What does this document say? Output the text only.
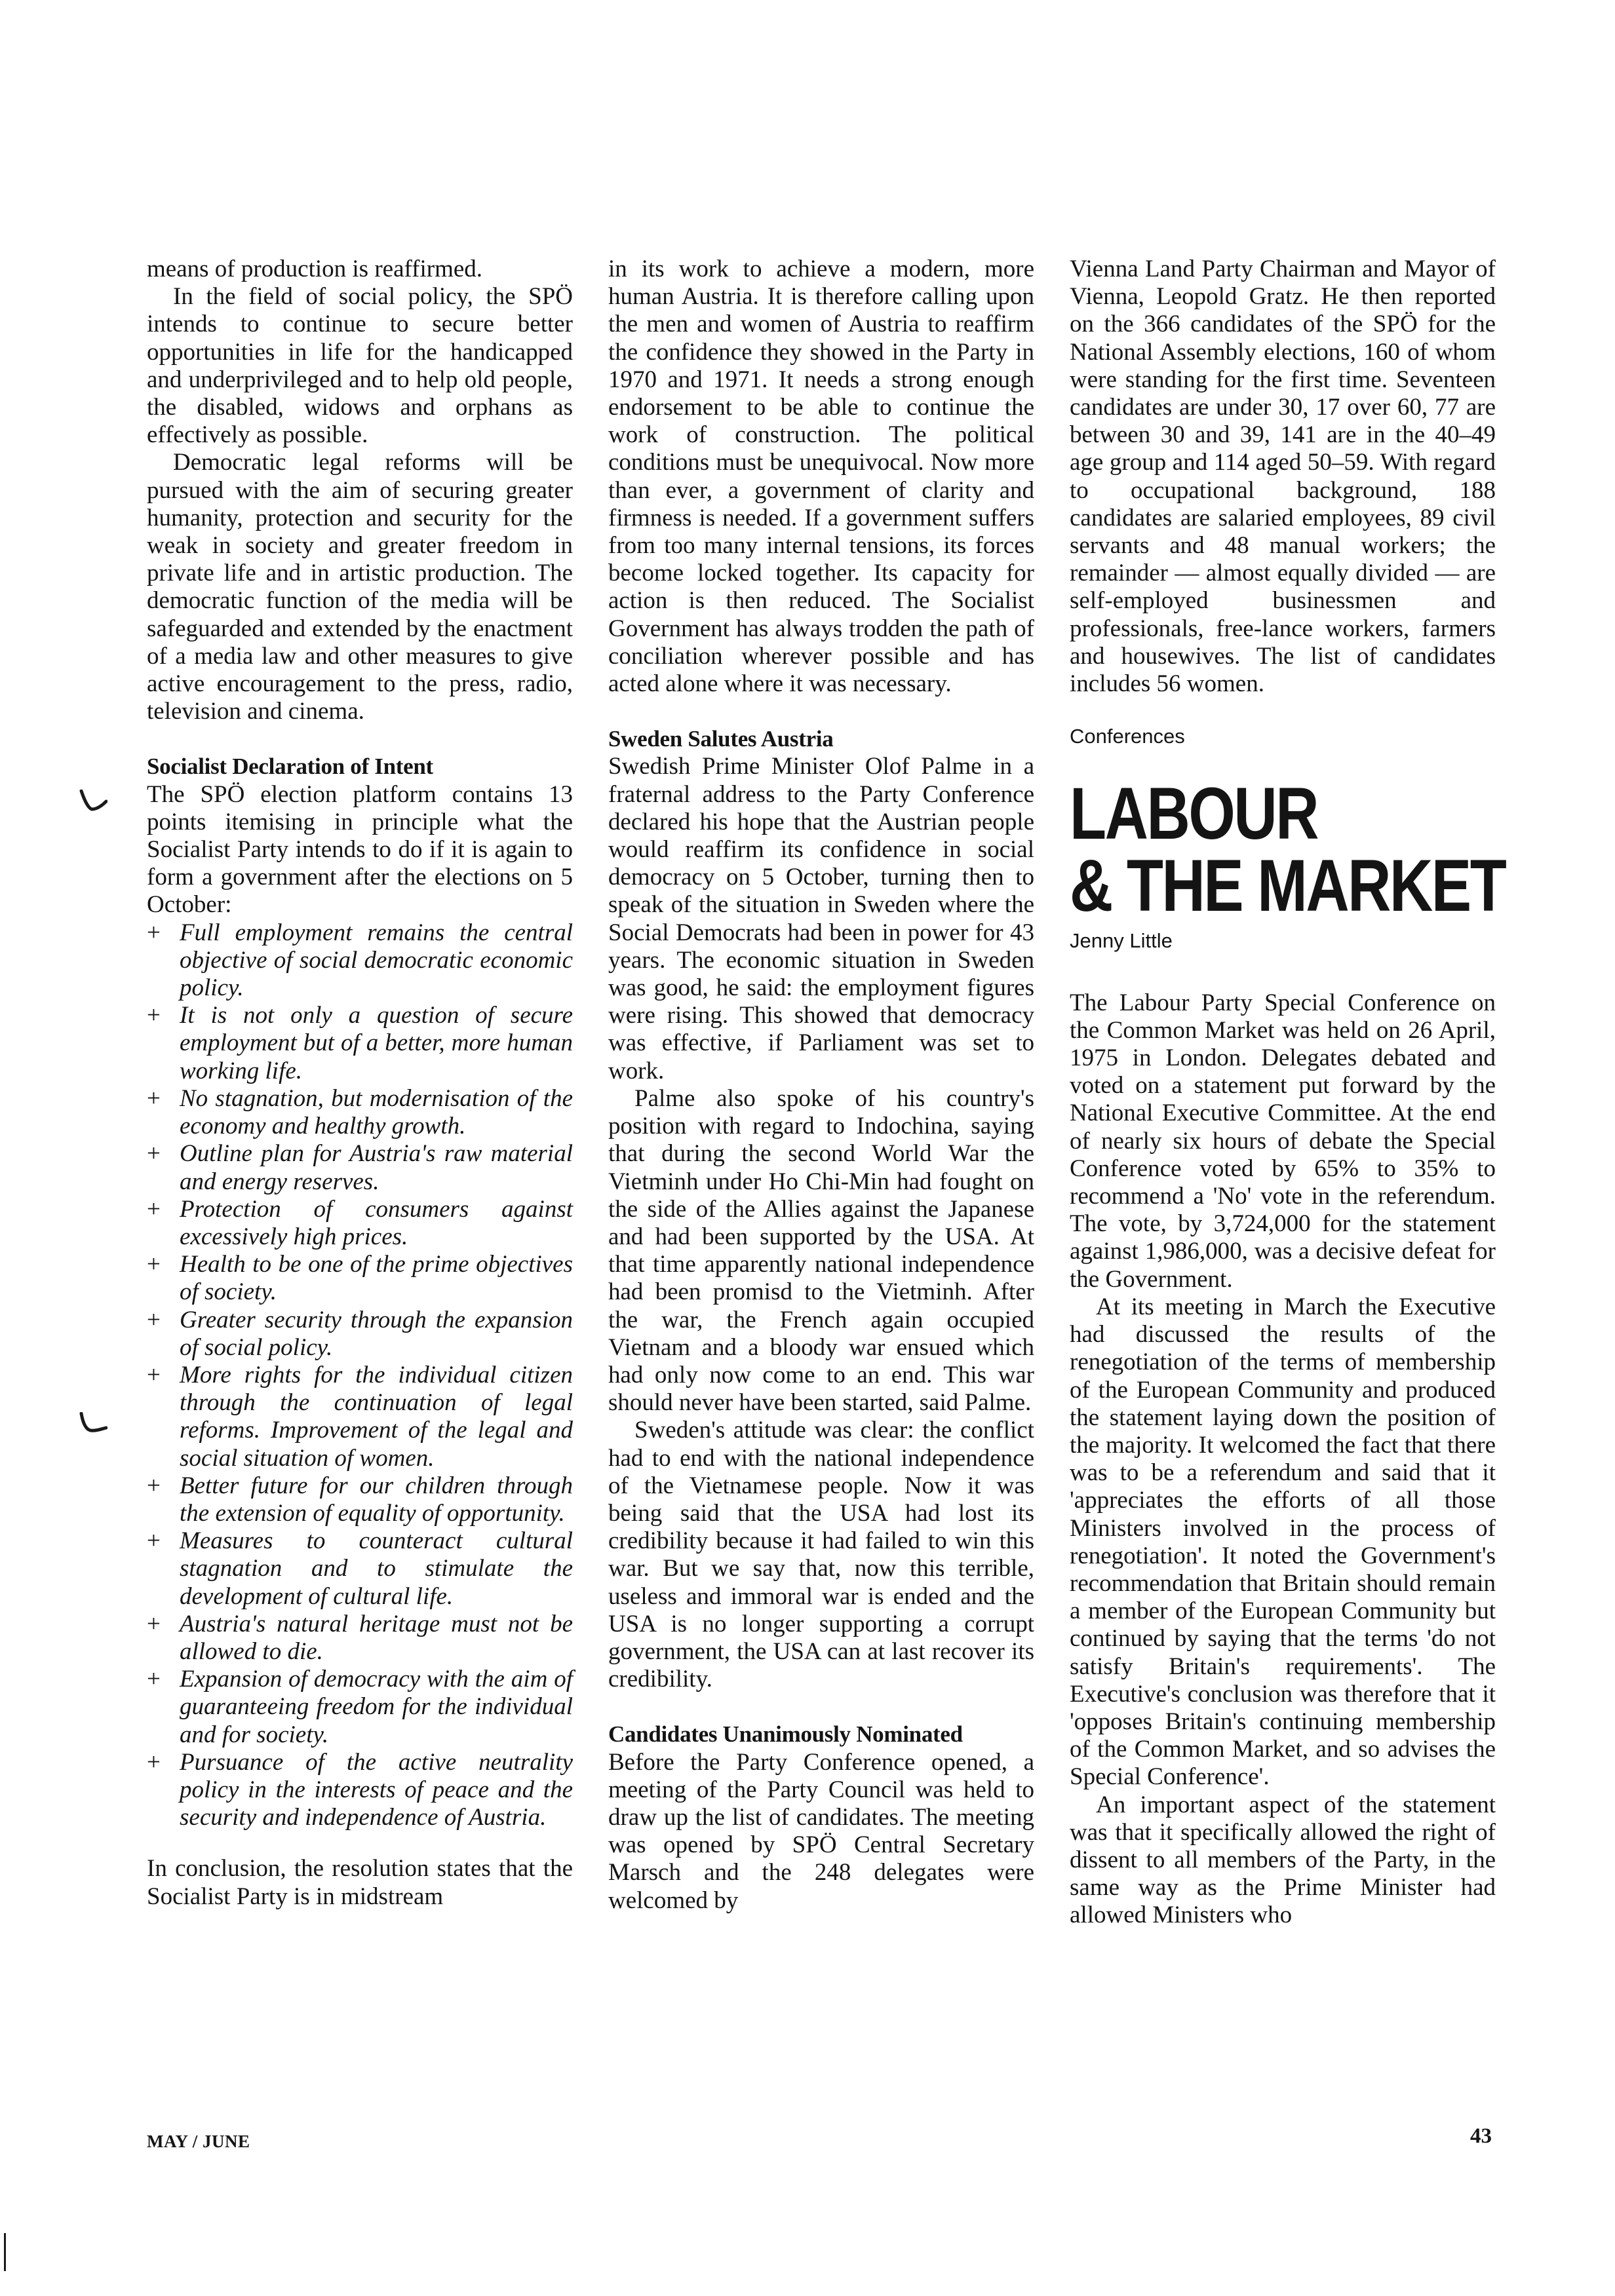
means of production is reaffirmed.

In the field of social policy, the SPÖ intends to continue to secure better opportunities in life for the handicapped and underprivileged and to help old people, the disabled, widows and orphans as effectively as possible.

Democratic legal reforms will be pursued with the aim of securing greater humanity, protection and security for the weak in society and greater freedom in private life and in artistic production. The democratic function of the media will be safeguarded and extended by the enactment of a media law and other measures to give active encouragement to the press, radio, television and cinema.

Socialist Declaration of Intent

The SPÖ election platform contains 13 points itemising in principle what the Socialist Party intends to do if it is again to form a government after the elections on 5 October:

+ Full employment remains the central objective of social democratic economic policy.
+ It is not only a question of secure employment but of a better, more human working life.
+ No stagnation, but modernisation of the economy and healthy growth.
+ Outline plan for Austria's raw material and energy reserves.
+ Protection of consumers against excessively high prices.
+ Health to be one of the prime objectives of society.
+ Greater security through the expansion of social policy.
+ More rights for the individual citizen through the continuation of legal reforms. Improvement of the legal and social situation of women.
+ Better future for our children through the extension of equality of opportunity.
+ Measures to counteract cultural stagnation and to stimulate the development of cultural life.
+ Austria's natural heritage must not be allowed to die.
+ Expansion of democracy with the aim of guaranteeing freedom for the individual and for society.
+ Pursuance of the active neutrality policy in the interests of peace and the security and independence of Austria.

In conclusion, the resolution states that the Socialist Party is in midstream

in its work to achieve a modern, more human Austria. It is therefore calling upon the men and women of Austria to reaffirm the confidence they showed in the Party in 1970 and 1971. It needs a strong enough endorsement to be able to continue the work of construction. The political conditions must be unequivocal. Now more than ever, a government of clarity and firmness is needed. If a government suffers from too many internal tensions, its forces become locked together. Its capacity for action is then reduced. The Socialist Government has always trodden the path of conciliation wherever possible and has acted alone where it was necessary.

Sweden Salutes Austria

Swedish Prime Minister Olof Palme in a fraternal address to the Party Conference declared his hope that the Austrian people would reaffirm its confidence in social democracy on 5 October, turning then to speak of the situation in Sweden where the Social Democrats had been in power for 43 years. The economic situation in Sweden was good, he said: the employment figures were rising. This showed that democracy was effective, if Parliament was set to work.

Palme also spoke of his country's position with regard to Indochina, saying that during the second World War the Vietminh under Ho Chi-Min had fought on the side of the Allies against the Japanese and had been supported by the USA. At that time apparently national independence had been promisd to the Vietminh. After the war, the French again occupied Vietnam and a bloody war ensued which had only now come to an end. This war should never have been started, said Palme.

Sweden's attitude was clear: the conflict had to end with the national independence of the Vietnamese people. Now it was being said that the USA had lost its credibility because it had failed to win this war. But we say that, now this terrible, useless and immoral war is ended and the USA is no longer supporting a corrupt government, the USA can at last recover its credibility.

Candidates Unanimously Nominated

Before the Party Conference opened, a meeting of the Party Council was held to draw up the list of candidates. The meeting was opened by SPÖ Central Secretary Marsch and the 248 delegates were welcomed by

Vienna Land Party Chairman and Mayor of Vienna, Leopold Gratz. He then reported on the 366 candidates of the SPÖ for the National Assembly elections, 160 of whom were standing for the first time. Seventeen candidates are under 30, 17 over 60, 77 are between 30 and 39, 141 are in the 40–49 age group and 114 aged 50–59. With regard to occupational background, 188 candidates are salaried employees, 89 civil servants and 48 manual workers; the remainder — almost equally divided — are self-employed businessmen and professionals, free-lance workers, farmers and housewives. The list of candidates includes 56 women.

Conferences

LABOUR
& THE MARKET

Jenny Little

The Labour Party Special Conference on the Common Market was held on 26 April, 1975 in London. Delegates debated and voted on a statement put forward by the National Executive Committee. At the end of nearly six hours of debate the Special Conference voted by 65% to 35% to recommend a 'No' vote in the referendum. The vote, by 3,724,000 for the statement against 1,986,000, was a decisive defeat for the Government.

At its meeting in March the Executive had discussed the results of the renegotiation of the terms of membership of the European Community and produced the statement laying down the position of the majority. It welcomed the fact that there was to be a referendum and said that it 'appreciates the efforts of all those Ministers involved in the process of renegotiation'. It noted the Government's recommendation that Britain should remain a member of the European Community but continued by saying that the terms 'do not satisfy Britain's requirements'. The Executive's conclusion was therefore that it 'opposes Britain's continuing membership of the Common Market, and so advises the Special Conference'.

An important aspect of the statement was that it specifically allowed the right of dissent to all members of the Party, in the same way as the Prime Minister had allowed Ministers who

MAY / JUNE	43
